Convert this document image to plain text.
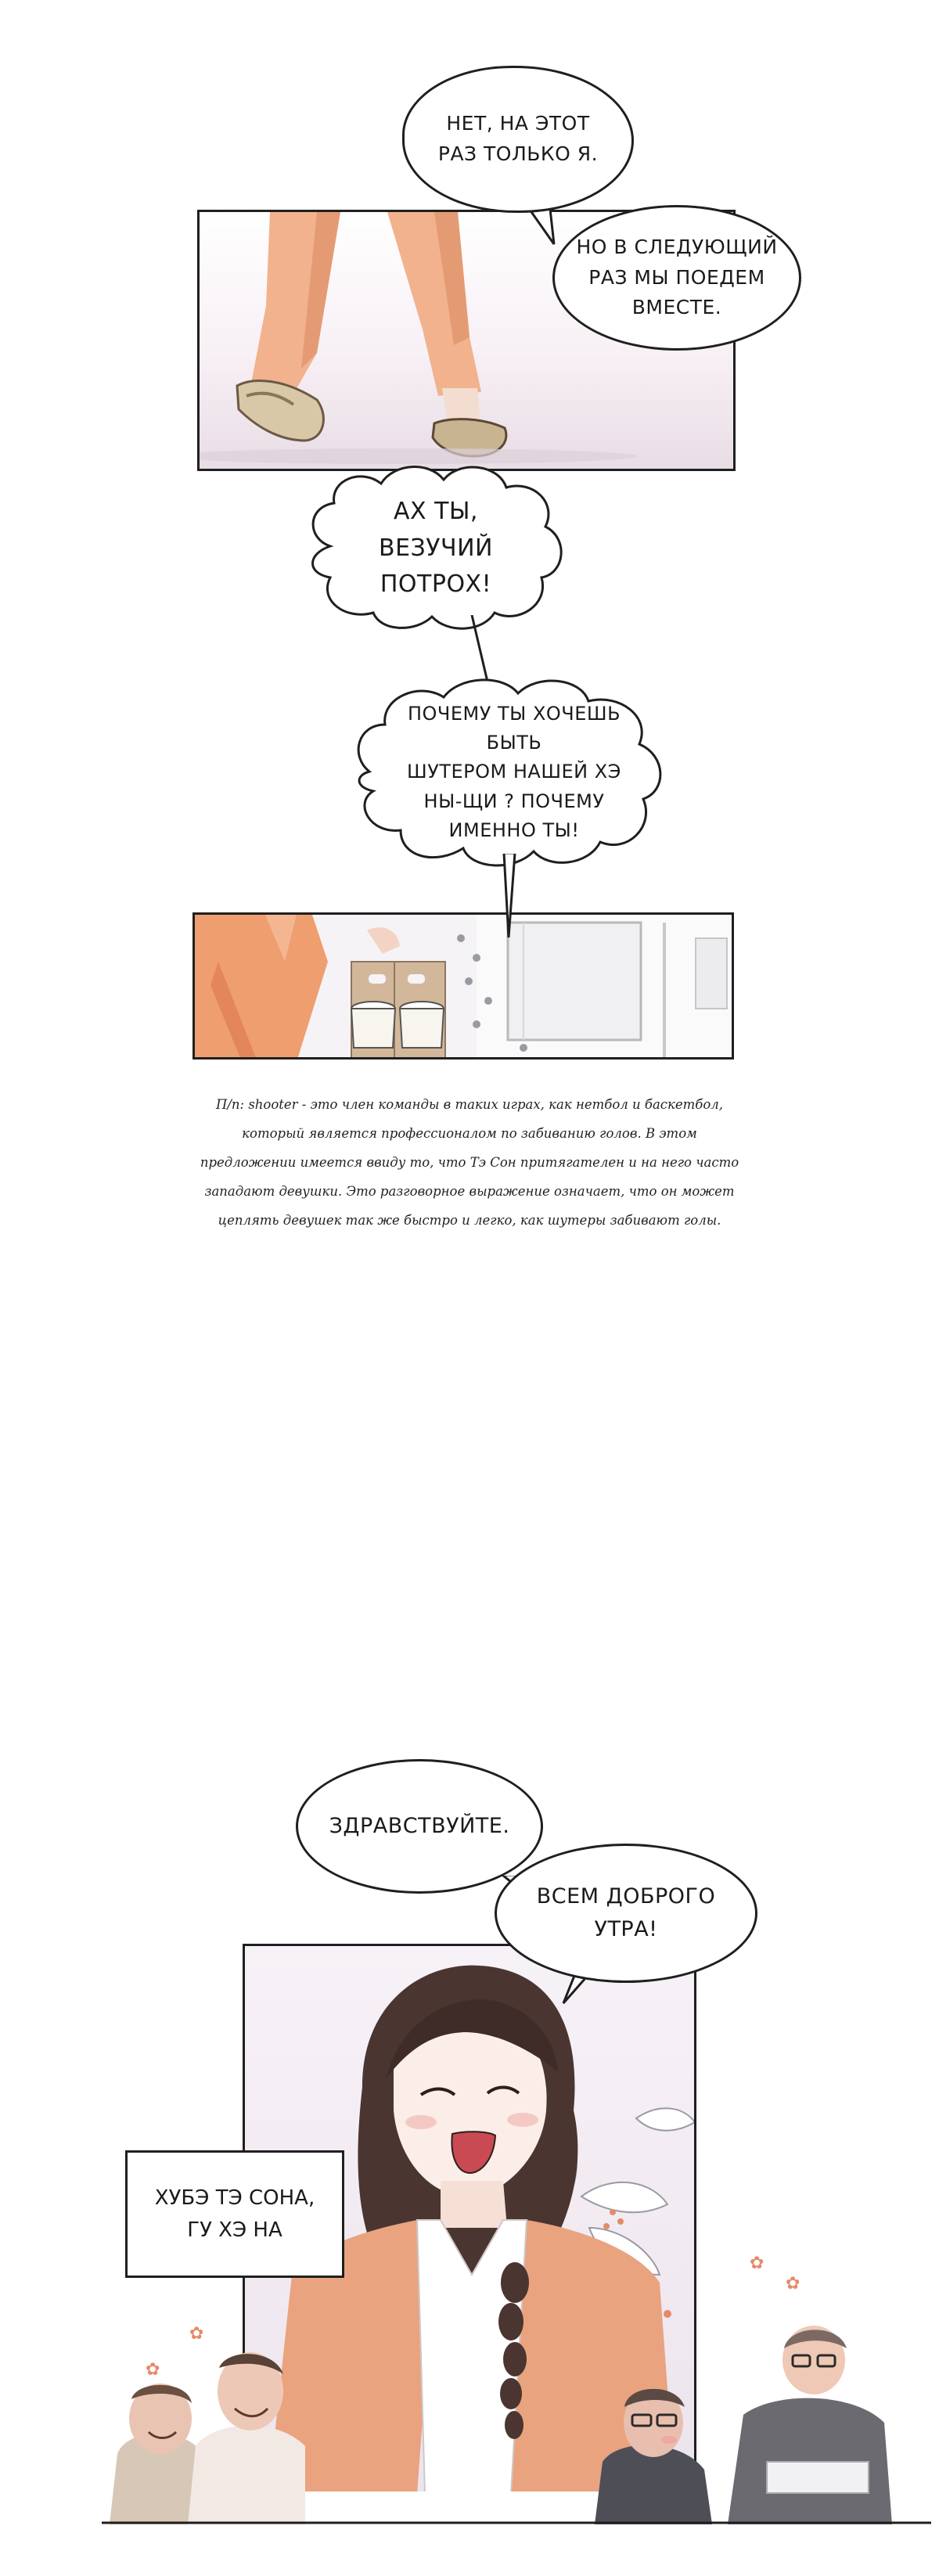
НЕТ, НА ЭТОТ
РАЗ ТОЛЬКО Я.
НО В СЛЕДУЮЩИЙ
РАЗ МЫ ПОЕДЕМ
ВМЕСТЕ.
АХ ТЫ,
ВЕЗУЧИЙ
ПОТРОХ!
ПОЧЕМУ ТЫ ХОЧЕШЬ БЫТЬ
ШУТЕРОМ НАШЕЙ ХЭ
НЫ-ЩИ ? ПОЧЕМУ
ИМЕННО ТЫ!
П/п: shooter - это член команды в таких играх, как нетбол и баскетбол,
который является профессионалом по забиванию голов. В этом
предложении имеется ввиду то, что Тэ Сон притягателен и на него часто
западают девушки. Это разговорное выражение означает, что он может
цеплять девушек так же быстро и легко, как шутеры забивают голы.
✿
✿
✿
✿
ЗДРАВСТВУЙТЕ.
ВСЕМ ДОБРОГО
УТРА!
ХУБЭ ТЭ СОНА,
ГУ ХЭ НА
